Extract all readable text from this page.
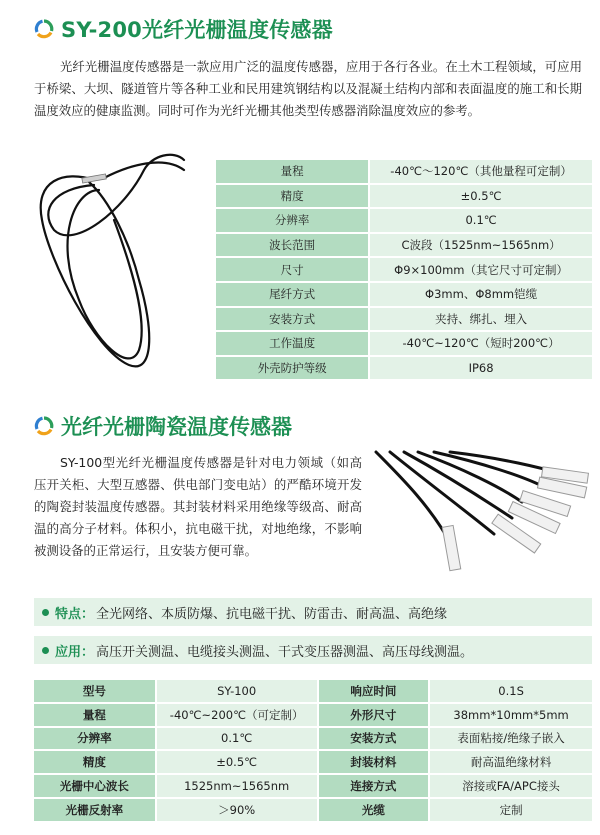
SY-200光纤光栅温度传感器

光纤光栅温度传感器是一款应用广泛的温度传感器，应用于各行各业。在土木工程领域，可应用于桥梁、大坝、隧道管片等各种工业和民用建筑钢结构以及混凝土结构内部和表面温度的施工和长期温度效应的健康监测。同时可作为光纤光栅其他类型传感器消除温度效应的参考。

量程	-40℃～120℃（其他量程可定制）
精度	±0.5℃
分辨率	0.1℃
波长范围	C波段（1525nm~1565nm）
尺寸	Φ9×100mm（其它尺寸可定制）
尾纤方式	Φ3mm、Φ8mm铠缆
安装方式	夹持、绑扎、埋入
工作温度	-40℃~120℃（短时200℃）
外壳防护等级	IP68
光纤光栅陶瓷温度传感器

SY-100型光纤光栅温度传感器是针对电力领域（如高压开关柜、大型互感器、供电部门变电站）的严酷环境开发的陶瓷封装温度传感器。其封装材料采用绝缘等级高、耐高温的高分子材料。体积小，抗电磁干扰，对地绝缘，不影响被测设备的正常运行，且安装方便可靠。

特点： 全光网络、本质防爆、抗电磁干扰、防雷击、耐高温、高绝缘
应用： 高压开关测温、电缆接头测温、干式变压器测温、高压母线测温。
型号	SY-100	响应时间	0.1S
量程	-40℃~200℃（可定制）	外形尺寸	38mm*10mm*5mm
分辨率	0.1℃	安装方式	表面粘接/绝缘子嵌入
精度	±0.5℃	封装材料	耐高温绝缘材料
光栅中心波长	1525nm~1565nm	连接方式	溶接或FA/APC接头
光栅反射率	＞90%	光缆	定制
